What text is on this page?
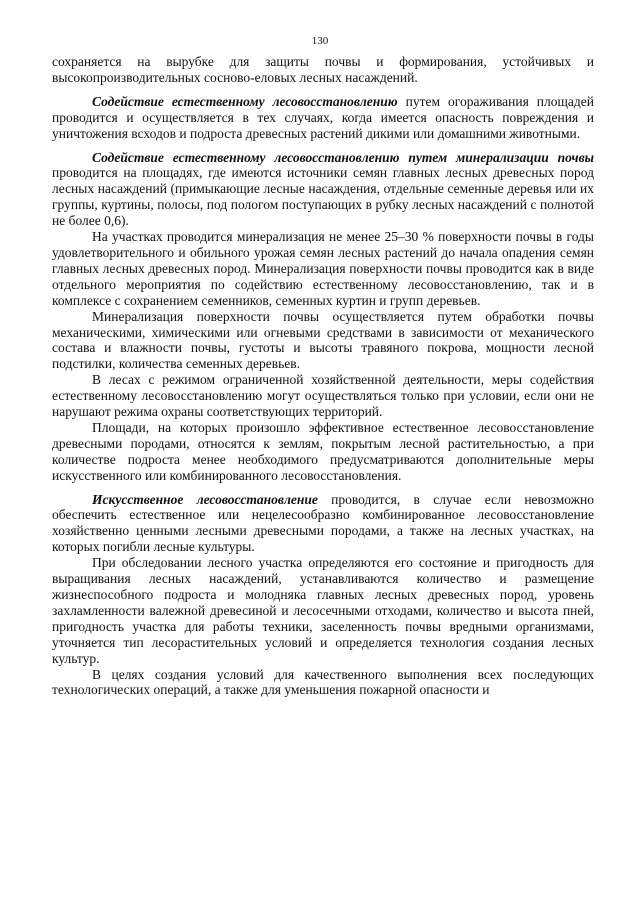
130

сохраняется на вырубке для защиты почвы и формирования, устойчивых и высокопроизводительных сосново-еловых лесных насаждений.

Содействие естественному лесовосстановлению путем огораживания площадей проводится и осуществляется в тех случаях, когда имеется опасность повреждения и уничтожения всходов и подроста древесных растений дикими или домашними животными.

Содействие естественному лесовосстановлению путем минерализации почвы проводится на площадях, где имеются источники семян главных лесных древесных пород лесных насаждений (примыкающие лесные насаждения, отдельные семенные деревья или их группы, куртины, полосы, под пологом поступающих в рубку лесных насаждений с полнотой не более 0,6).

На участках проводится минерализация не менее 25–30 % поверхности почвы в годы удовлетворительного и обильного урожая семян лесных растений до начала опадения семян главных лесных древесных пород. Минерализация поверхности почвы проводится как в виде отдельного мероприятия по содействию естественному лесовосстановлению, так и в комплексе с сохранением семенников, семенных куртин и групп деревьев.

Минерализация поверхности почвы осуществляется путем обработки почвы механическими, химическими или огневыми средствами в зависимости от механического состава и влажности почвы, густоты и высоты травяного покрова, мощности лесной подстилки, количества семенных деревьев.

В лесах с режимом ограниченной хозяйственной деятельности, меры содействия естественному лесовосстановлению могут осуществляться только при условии, если они не нарушают режима охраны соответствующих территорий.

Площади, на которых произошло эффективное естественное лесовосстановление древесными породами, относятся к землям, покрытым лесной растительностью, а при количестве подроста менее необходимого предусматриваются дополнительные меры искусственного или комбинированного лесовосстановления.

Искусственное лесовосстановление проводится, в случае если невозможно обеспечить естественное или нецелесообразно комбинированное лесовосстановление хозяйственно ценными лесными древесными породами, а также на лесных участках, на которых погибли лесные культуры.

При обследовании лесного участка определяются его состояние и пригодность для выращивания лесных насаждений, устанавливаются количество и размещение жизнеспособного подроста и молодняка главных лесных древесных пород, уровень захламленности валежной древесиной и лесосечными отходами, количество и высота пней, пригодность участка для работы техники, заселенность почвы вредными организмами, уточняется тип лесорастительных условий и определяется технология создания лесных культур.

В целях создания условий для качественного выполнения всех последующих технологических операций, а также для уменьшения пожарной опасности и
